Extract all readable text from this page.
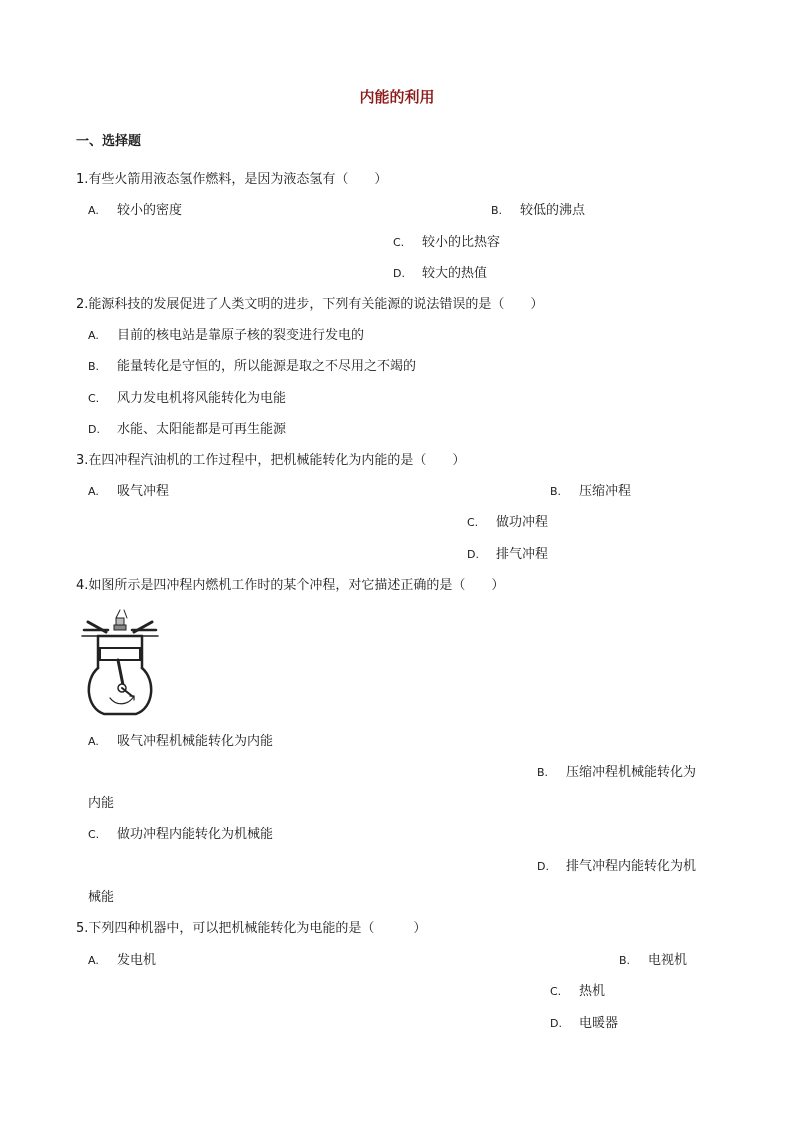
内能的利用
一、选择题
1.有些火箭用液态氢作燃料，是因为液态氢有（　　）
A. 较小的密度	B. 较低的沸点
C. 较小的比热容
D. 较大的热值
2.能源科技的发展促进了人类文明的进步，下列有关能源的说法错误的是（　　）
A. 目前的核电站是靠原子核的裂变进行发电的
B. 能量转化是守恒的，所以能源是取之不尽用之不竭的
C. 风力发电机将风能转化为电能
D. 水能、太阳能都是可再生能源
3.在四冲程汽油机的工作过程中，把机械能转化为内能的是（　　）
A. 吸气冲程	B. 压缩冲程
C. 做功冲程
D. 排气冲程
4.如图所示是四冲程内燃机工作时的某个冲程，对它描述正确的是（　　）
A. 吸气冲程机械能转化为内能
B. 压缩冲程机械能转化为
内能
C. 做功冲程内能转化为机械能
D. 排气冲程内能转化为机
械能
5.下列四种机器中，可以把机械能转化为电能的是（　　　）
A. 发电机	B. 电视机
C. 热机
D. 电暖器
